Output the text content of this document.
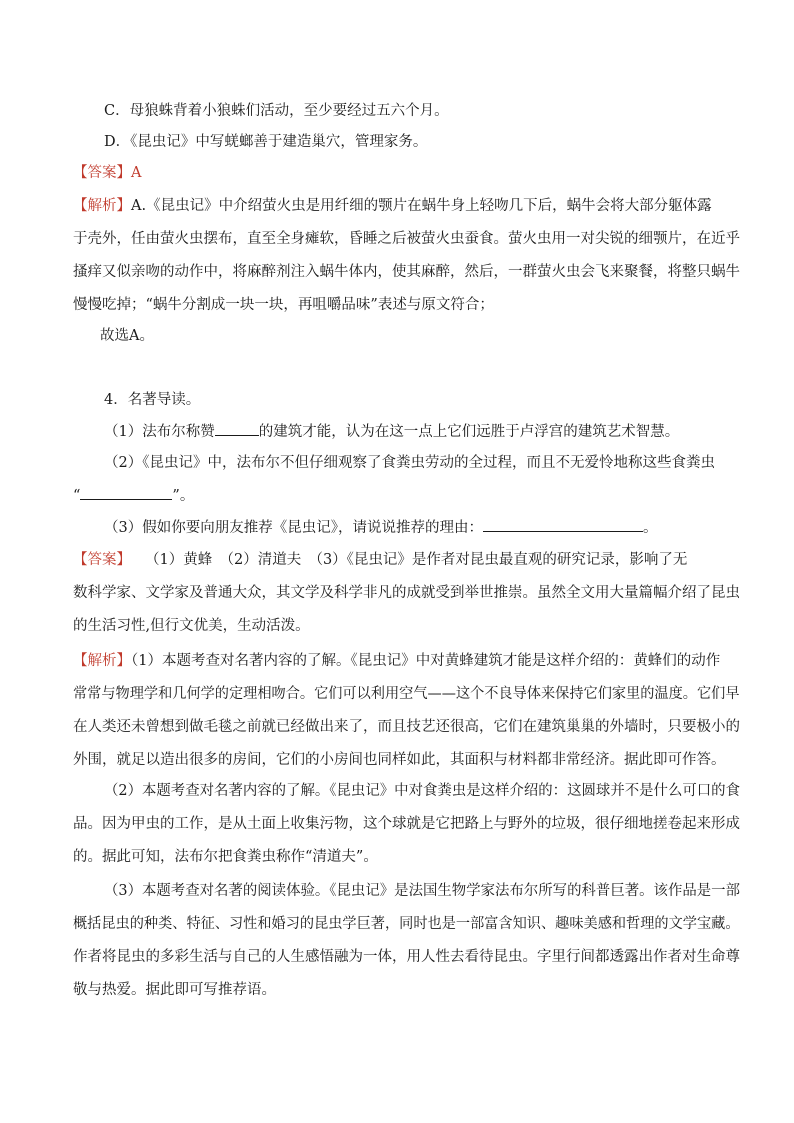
C．母狼蛛背着小狼蛛们活动，至少要经过五六个月。
D．《昆虫记》中写蜣螂善于建造巢穴，管理家务。
【答案】A
【解析】A.《昆虫记》中介绍萤火虫是用纤细的颚片在蜗牛身上轻吻几下后，蜗牛会将大部分躯体露
于壳外，任由萤火虫摆布，直至全身瘫软，昏睡之后被萤火虫蚕食。萤火虫用一对尖锐的细颚片，在近乎
搔痒又似亲吻的动作中，将麻醉剂注入蜗牛体内，使其麻醉，然后，一群萤火虫会飞来聚餐，将整只蜗牛
慢慢吃掉；“蜗牛分割成一块一块，再咀嚼品味”表述与原文符合；
故选A。
4．名著导读。
（1）法布尔称赞	的建筑才能，认为在这一点上它们远胜于卢浮宫的建筑艺术智慧。
（2）《昆虫记》中，法布尔不但仔细观察了食粪虫劳动的全过程，而且不无爱怜地称这些食粪虫
“	”。
（3）假如你要向朋友推荐《昆虫记》，请说说推荐的理由：	。
【答案】 （1）黄蜂　（2）清道夫　（3）《昆虫记》是作者对昆虫最直观的研究记录，影响了无
数科学家、文学家及普通大众，其文学及科学非凡的成就受到举世推崇。虽然全文用大量篇幅介绍了昆虫
的生活习性,但行文优美，生动活泼。
【解析】（1）本题考查对名著内容的了解。《昆虫记》中对黄蜂建筑才能是这样介绍的：黄蜂们的动作
常常与物理学和几何学的定理相吻合。它们可以利用空气——这个不良导体来保持它们家里的温度。它们早
在人类还未曾想到做毛毯之前就已经做出来了，而且技艺还很高，它们在建筑巢巢的外墙时，只要极小的
外围，就足以造出很多的房间，它们的小房间也同样如此，其面积与材料都非常经济。据此即可作答。
（2）本题考查对名著内容的了解。《昆虫记》中对食粪虫是这样介绍的：这圆球并不是什么可口的食
品。因为甲虫的工作，是从土面上收集污物，这个球就是它把路上与野外的垃圾，很仔细地搓卷起来形成
的。据此可知，法布尔把食粪虫称作“清道夫”。
（3）本题考查对名著的阅读体验。《昆虫记》是法国生物学家法布尔所写的科普巨著。该作品是一部
概括昆虫的种类、特征、习性和婚习的昆虫学巨著，同时也是一部富含知识、趣味美感和哲理的文学宝藏。
作者将昆虫的多彩生活与自己的人生感悟融为一体，用人性去看待昆虫。字里行间都透露出作者对生命尊
敬与热爱。据此即可写推荐语。
